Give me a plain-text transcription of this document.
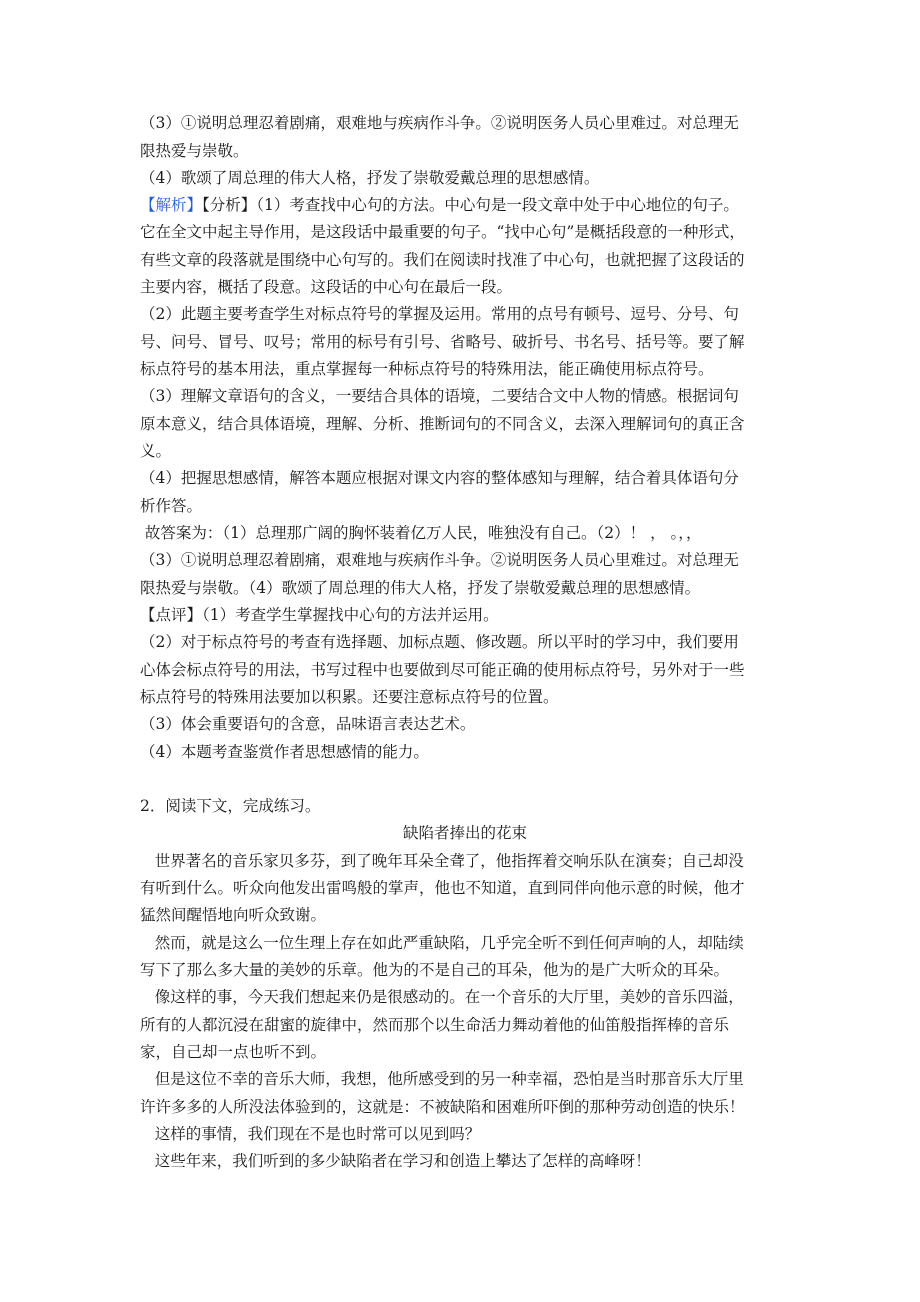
（3）①说明总理忍着剧痛，艰难地与疾病作斗争。②说明医务人员心里难过。对总理无
限热爱与崇敬。
（4）歌颂了周总理的伟大人格，抒发了崇敬爱戴总理的思想感情。
【解析】【分析】（1）考查找中心句的方法。中心句是一段文章中处于中心地位的句子。
它在全文中起主导作用，是这段话中最重要的句子。“找中心句”是概括段意的一种形式，
有些文章的段落就是围绕中心句写的。我们在阅读时找准了中心句，也就把握了这段话的
主要内容，概括了段意。这段话的中心句在最后一段。
（2）此题主要考查学生对标点符号的掌握及运用。常用的点号有顿号、逗号、分号、句
号、问号、冒号、叹号；常用的标号有引号、省略号、破折号、书名号、括号等。要了解
标点符号的基本用法，重点掌握每一种标点符号的特殊用法，能正确使用标点符号。
（3）理解文章语句的含义，一要结合具体的语境，二要结合文中人物的情感。根据词句
原本意义，结合具体语境，理解、分析、推断词句的不同含义，去深入理解词句的真正含
义。
（4）把握思想感情，解答本题应根据对课文内容的整体感知与理解，结合着具体语句分
析作答。
故答案为：（1）总理那广阔的胸怀装着亿万人民，唯独没有自己。（2）！ ， 。，，
（3）①说明总理忍着剧痛，艰难地与疾病作斗争。②说明医务人员心里难过。对总理无
限热爱与崇敬。（4）歌颂了周总理的伟大人格，抒发了崇敬爱戴总理的思想感情。
【点评】（1）考查学生掌握找中心句的方法并运用。
（2）对于标点符号的考查有选择题、加标点题、修改题。所以平时的学习中，我们要用
心体会标点符号的用法，书写过程中也要做到尽可能正确的使用标点符号，另外对于一些
标点符号的特殊用法要加以积累。还要注意标点符号的位置。
（3）体会重要语句的含意，品味语言表达艺术。
（4）本题考查鉴赏作者思想感情的能力。
2．阅读下文，完成练习。
缺陷者捧出的花束
世界著名的音乐家贝多芬，到了晚年耳朵全聋了，他指挥着交响乐队在演奏；自己却没
有听到什么。听众向他发出雷鸣般的掌声，他也不知道，直到同伴向他示意的时候，他才
猛然间醒悟地向听众致谢。
然而，就是这么一位生理上存在如此严重缺陷，几乎完全听不到任何声响的人，却陆续
写下了那么多大量的美妙的乐章。他为的不是自己的耳朵，他为的是广大听众的耳朵。
像这样的事，今天我们想起来仍是很感动的。在一个音乐的大厅里，美妙的音乐四溢，
所有的人都沉浸在甜蜜的旋律中，然而那个以生命活力舞动着他的仙笛般指挥棒的音乐
家，自己却一点也听不到。
但是这位不幸的音乐大师，我想，他所感受到的另一种幸福，恐怕是当时那音乐大厅里
许许多多的人所没法体验到的，这就是：不被缺陷和困难所吓倒的那种劳动创造的快乐！
这样的事情，我们现在不是也时常可以见到吗？
这些年来，我们听到的多少缺陷者在学习和创造上攀达了怎样的高峰呀！
